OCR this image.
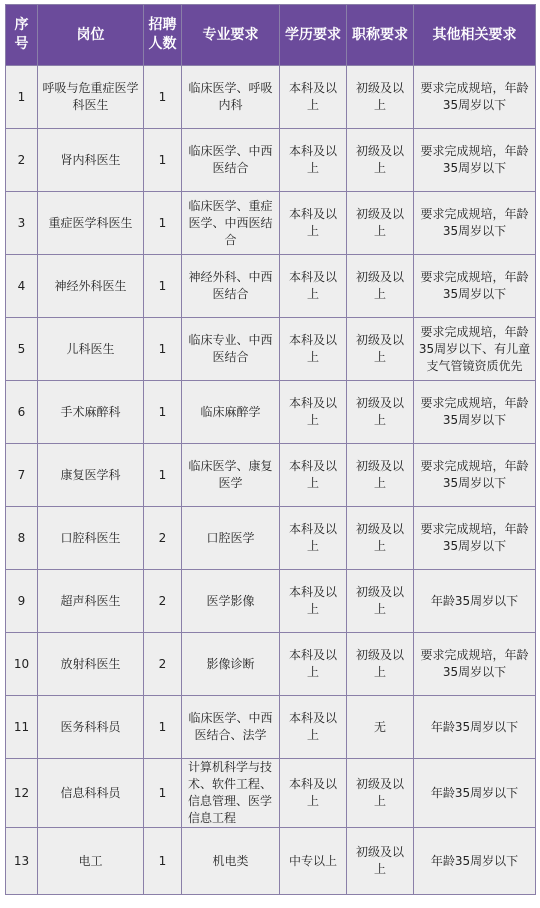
序号	岗位	招聘人数	专业要求	学历要求	职称要求	其他相关要求
1	呼吸与危重症医学科医生	1	临床医学、呼吸内科	本科及以上	初级及以上	要求完成规培，年龄35周岁以下
2	肾内科医生	1	临床医学、中西医结合	本科及以上	初级及以上	要求完成规培，年龄35周岁以下
3	重症医学科医生	1	临床医学、重症医学、中西医结合	本科及以上	初级及以上	要求完成规培，年龄35周岁以下
4	神经外科医生	1	神经外科、中西医结合	本科及以上	初级及以上	要求完成规培，年龄35周岁以下
5	儿科医生	1	临床专业、中西医结合	本科及以上	初级及以上	要求完成规培，年龄35周岁以下、有儿童支气管镜资质优先
6	手术麻醉科	1	临床麻醉学	本科及以上	初级及以上	要求完成规培，年龄35周岁以下
7	康复医学科	1	临床医学、康复医学	本科及以上	初级及以上	要求完成规培，年龄35周岁以下
8	口腔科医生	2	口腔医学	本科及以上	初级及以上	要求完成规培，年龄35周岁以下
9	超声科医生	2	医学影像	本科及以上	初级及以上	年龄35周岁以下
10	放射科医生	2	影像诊断	本科及以上	初级及以上	要求完成规培，年龄35周岁以下
11	医务科科员	1	临床医学、中西医结合、法学	本科及以上	无	年龄35周岁以下
12	信息科科员	1	计算机科学与技术、软件工程、信息管理、医学信息工程	本科及以上	初级及以上	年龄35周岁以下
13	电工	1	机电类	中专以上	初级及以上	年龄35周岁以下
